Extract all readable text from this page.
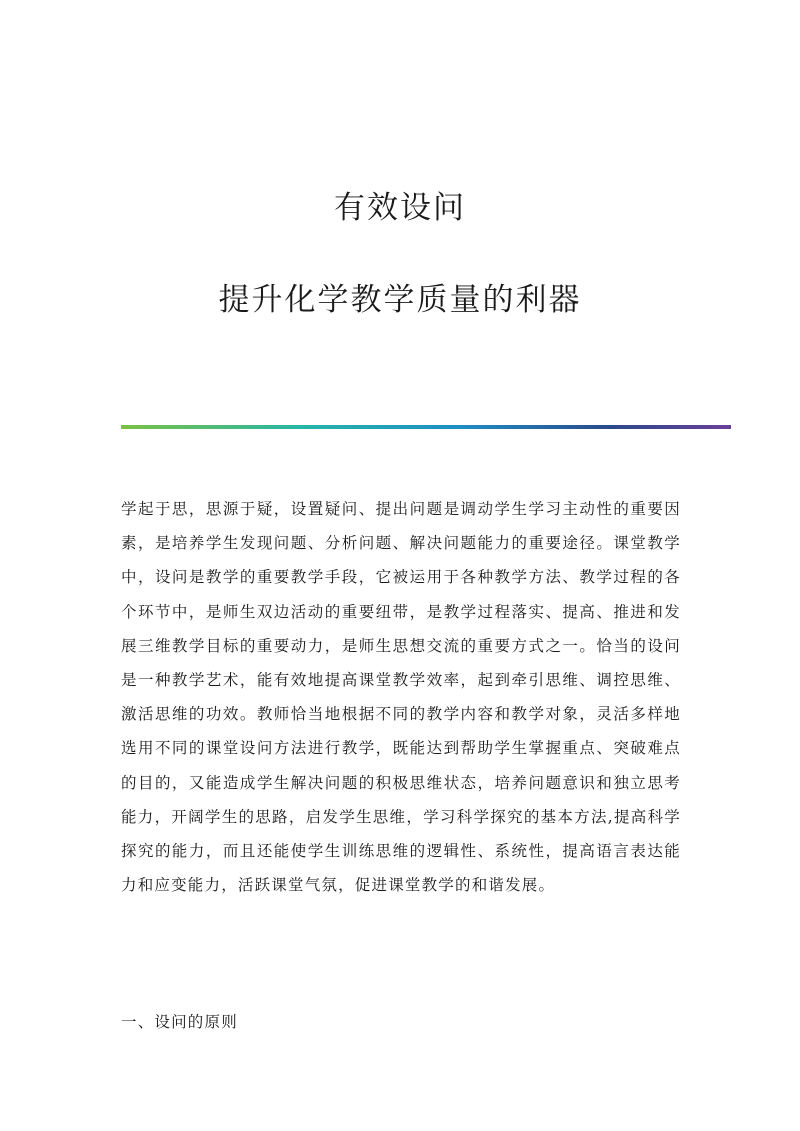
有效设问
提升化学教学质量的利器

学起于思，思源于疑，设置疑问、提出问题是调动学生学习主动性的重要因素，是培养学生发现问题、分析问题、解决问题能力的重要途径。课堂教学中，设问是教学的重要教学手段，它被运用于各种教学方法、教学过程的各个环节中，是师生双边活动的重要纽带，是教学过程落实、提高、推进和发展三维教学目标的重要动力，是师生思想交流的重要方式之一。恰当的设问是一种教学艺术，能有效地提高课堂教学效率，起到牵引思维、调控思维、激活思维的功效。教师恰当地根据不同的教学内容和教学对象，灵活多样地选用不同的课堂设问方法进行教学，既能达到帮助学生掌握重点、突破难点的目的，又能造成学生解决问题的积极思维状态，培养问题意识和独立思考能力，开阔学生的思路，启发学生思维，学习科学探究的基本方法,提高科学探究的能力，而且还能使学生训练思维的逻辑性、系统性，提高语言表达能力和应变能力，活跃课堂气氛，促进课堂教学的和谐发展。

一、设问的原则
